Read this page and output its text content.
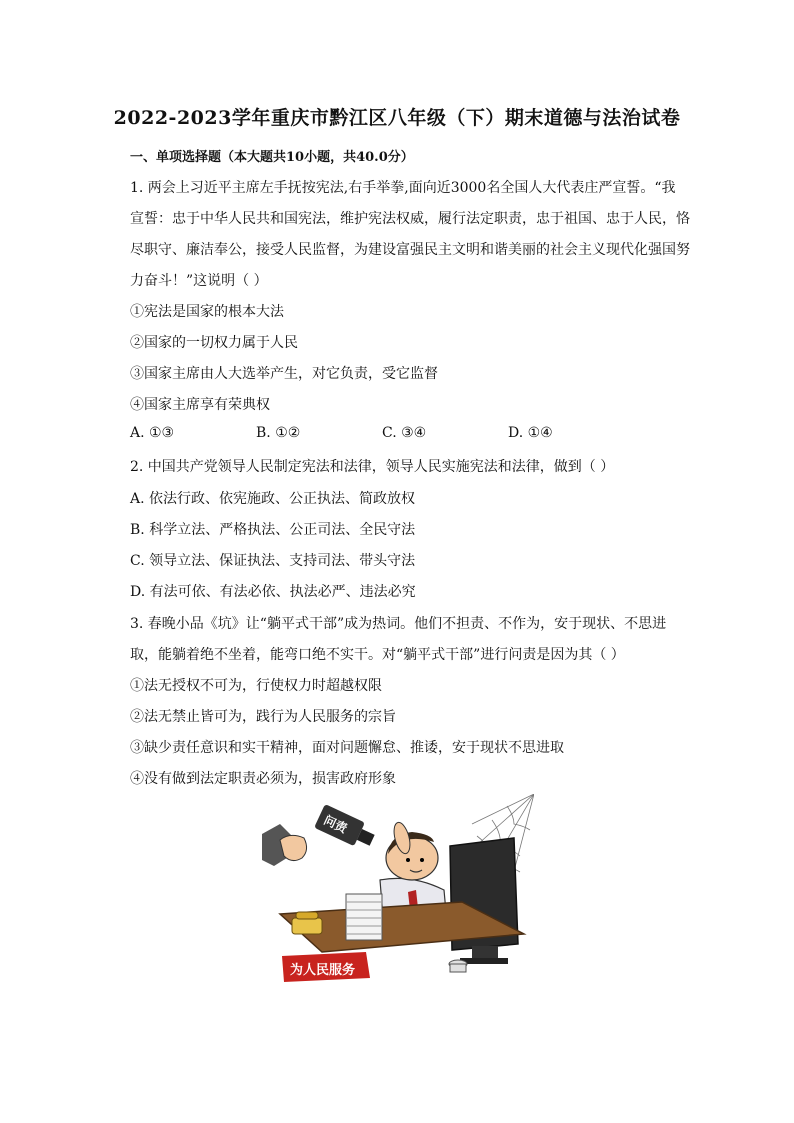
2022-2023学年重庆市黔江区八年级（下）期末道德与法治试卷
一、单项选择题（本大题共10小题，共40.0分）
1. 两会上习近平主席左手抚按宪法,右手举拳,面向近3000名全国人大代表庄严宣誓。“我
宣誓：忠于中华人民共和国宪法，维护宪法权威，履行法定职责，忠于祖国、忠于人民，恪
尽职守、廉洁奉公，接受人民监督，为建设富强民主文明和谐美丽的社会主义现代化强国努
力奋斗！”这说明（ ）
①宪法是国家的根本大法
②国家的一切权力属于人民
③国家主席由人大选举产生，对它负责，受它监督
④国家主席享有荣典权
A. ①③	B. ①②	C. ③④	D. ①④
2. 中国共产党领导人民制定宪法和法律，领导人民实施宪法和法律，做到（ ）
A. 依法行政、依宪施政、公正执法、简政放权
B. 科学立法、严格执法、公正司法、全民守法
C. 领导立法、保证执法、支持司法、带头守法
D. 有法可依、有法必依、执法必严、违法必究
3. 春晚小品《坑》让“躺平式干部”成为热词。他们不担责、不作为，安于现状、不思进
取，能躺着绝不坐着，能弯口绝不实干。对“躺平式干部”进行问责是因为其（ ）
①法无授权不可为，行使权力时超越权限
②法无禁止皆可为，践行为人民服务的宗旨
③缺少责任意识和实干精神，面对问题懈怠、推诿，安于现状不思进取
④没有做到法定职责必须为，损害政府形象
问责
为人民服务
